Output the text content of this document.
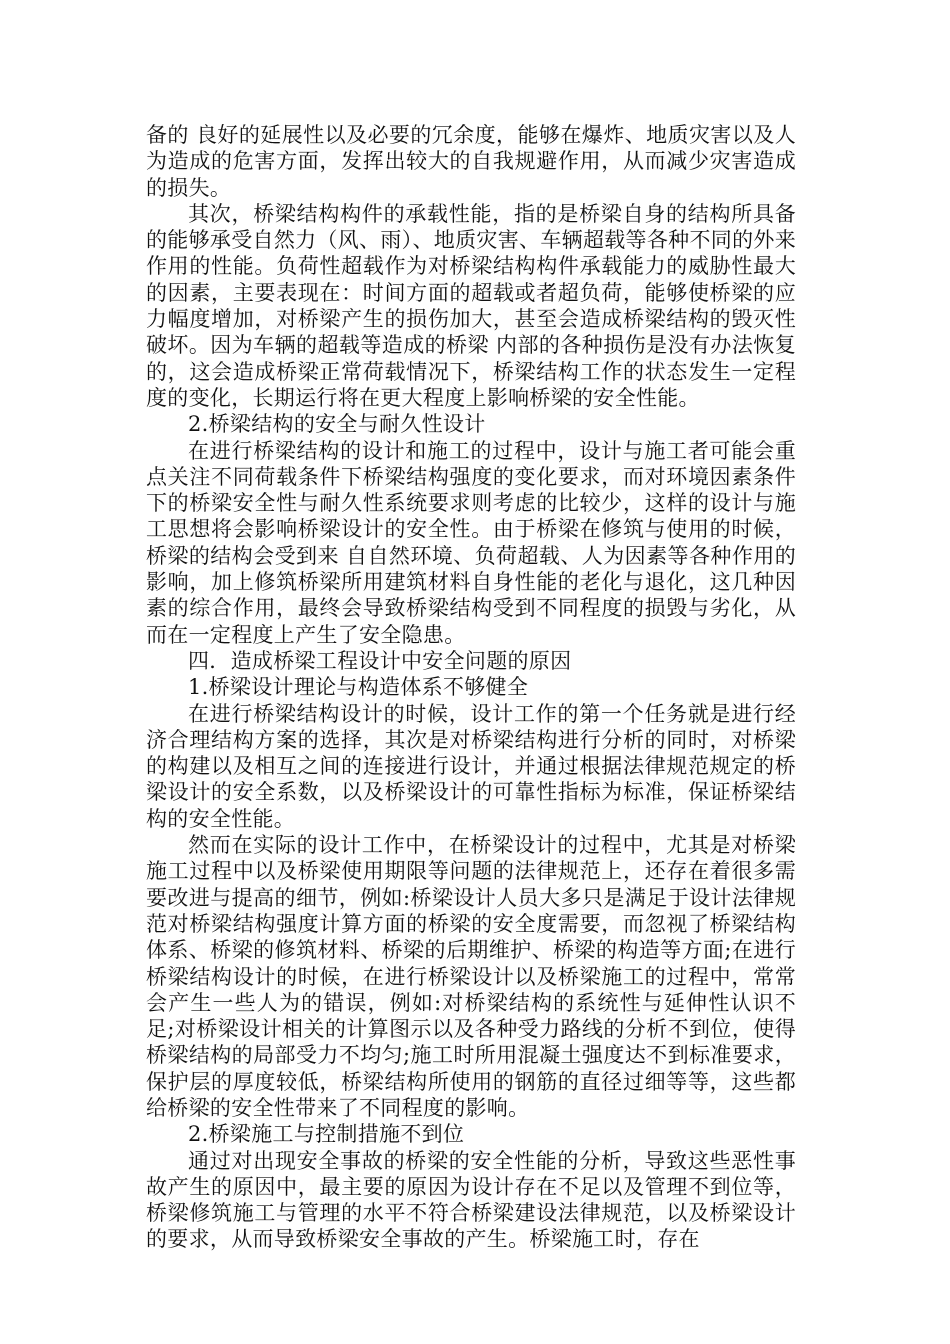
备的 良好的延展性以及必要的冗余度，能够在爆炸、地质灾害以及人为造成的危害方面，发挥出较大的自我规避作用，从而减少灾害造成的损失。

其次，桥梁结构构件的承载性能，指的是桥梁自身的结构所具备的能够承受自然力（风、雨）、地质灾害、车辆超载等各种不同的外来作用的性能。负荷性超载作为对桥梁结构构件承载能力的威胁性最大的因素，主要表现在：时间方面的超载或者超负荷，能够使桥梁的应力幅度增加，对桥梁产生的损伤加大，甚至会造成桥梁结构的毁灭性破坏。因为车辆的超载等造成的桥梁 内部的各种损伤是没有办法恢复的，这会造成桥梁正常荷载情况下，桥梁结构工作的状态发生一定程度的变化，长期运行将在更大程度上影响桥梁的安全性能。

2.桥梁结构的安全与耐久性设计

在进行桥梁结构的设计和施工的过程中，设计与施工者可能会重点关注不同荷载条件下桥梁结构强度的变化要求，而对环境因素条件下的桥梁安全性与耐久性系统要求则考虑的比较少，这样的设计与施工思想将会影响桥梁设计的安全性。由于桥梁在修筑与使用的时候，桥梁的结构会受到来 自自然环境、负荷超载、人为因素等各种作用的影响，加上修筑桥梁所用建筑材料自身性能的老化与退化，这几种因素的综合作用，最终会导致桥梁结构受到不同程度的损毁与劣化，从而在一定程度上产生了安全隐患。

四．造成桥梁工程设计中安全问题的原因

1.桥梁设计理论与构造体系不够健全

在进行桥梁结构设计的时候，设计工作的第一个任务就是进行经济合理结构方案的选择，其次是对桥梁结构进行分析的同时，对桥梁的构建以及相互之间的连接进行设计，并通过根据法律规范规定的桥梁设计的安全系数，以及桥梁设计的可靠性指标为标准，保证桥梁结构的安全性能。

然而在实际的设计工作中，在桥梁设计的过程中，尤其是对桥梁施工过程中以及桥梁使用期限等问题的法律规范上，还存在着很多需要改进与提高的细节，例如:桥梁设计人员大多只是满足于设计法律规范对桥梁结构强度计算方面的桥梁的安全度需要，而忽视了桥梁结构体系、桥梁的修筑材料、桥梁的后期维护、桥梁的构造等方面;在进行桥梁结构设计的时候，在进行桥梁设计以及桥梁施工的过程中，常常会产生一些人为的错误，例如:对桥梁结构的系统性与延伸性认识不足;对桥梁设计相关的计算图示以及各种受力路线的分析不到位，使得桥梁结构的局部受力不均匀;施工时所用混凝土强度达不到标准要求，保护层的厚度较低，桥梁结构所使用的钢筋的直径过细等等，这些都给桥梁的安全性带来了不同程度的影响。

2.桥梁施工与控制措施不到位

通过对出现安全事故的桥梁的安全性能的分析，导致这些恶性事故产生的原因中，最主要的原因为设计存在不足以及管理不到位等，桥梁修筑施工与管理的水平不符合桥梁建设法律规范，以及桥梁设计的要求，从而导致桥梁安全事故的产生。桥梁施工时，存在
